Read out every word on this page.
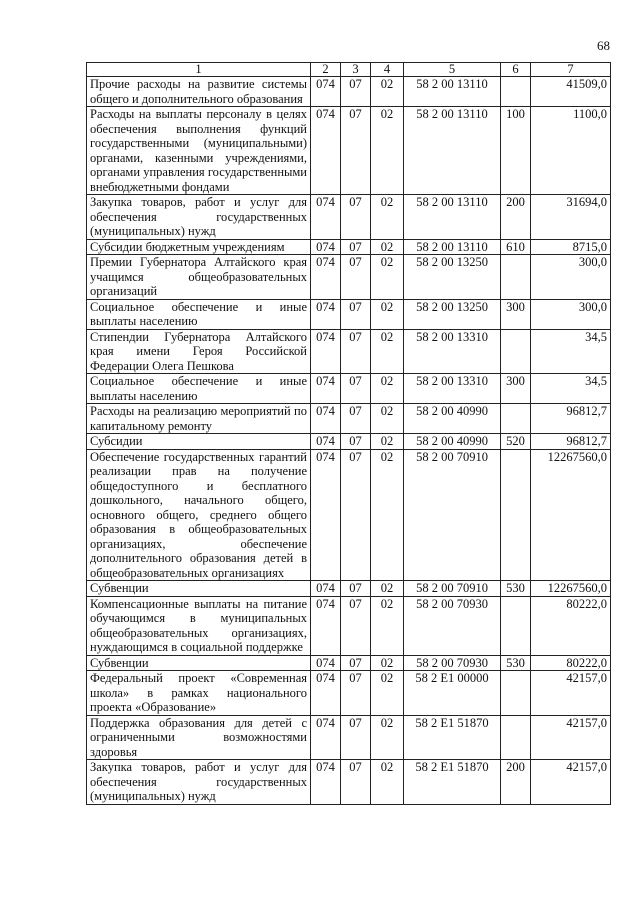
68
1	2	3	4	5	6	7
Прочие расходы на развитие системы общего и дополнительного образования	074	07	02	58 2 00 13110		41509,0
Расходы на выплаты персоналу в целях обеспечения выполнения функций государственными (муниципальными) органами, казенными учреждениями, органами управления государственными внебюджетными фондами	074	07	02	58 2 00 13110	100	1100,0
Закупка товаров, работ и услуг для обеспечения государственных (муниципальных) нужд	074	07	02	58 2 00 13110	200	31694,0
Субсидии бюджетным учреждениям	074	07	02	58 2 00 13110	610	8715,0
Премии Губернатора Алтайского края учащимся общеобразовательных организаций	074	07	02	58 2 00 13250		300,0
Социальное обеспечение и иные выплаты населению	074	07	02	58 2 00 13250	300	300,0
Стипендии Губернатора Алтайского края имени Героя Российской Федерации Олега Пешкова	074	07	02	58 2 00 13310		34,5
Социальное обеспечение и иные выплаты населению	074	07	02	58 2 00 13310	300	34,5
Расходы на реализацию мероприятий по капитальному ремонту	074	07	02	58 2 00 40990		96812,7
Субсидии	074	07	02	58 2 00 40990	520	96812,7
Обеспечение государственных гарантий реализации прав на получение общедоступного и бесплатного дошкольного, начального общего, основного общего, среднего общего образования в общеобразовательных организациях, обеспечение дополнительного образования детей в общеобразовательных организациях	074	07	02	58 2 00 70910		12267560,0
Субвенции	074	07	02	58 2 00 70910	530	12267560,0
Компенсационные выплаты на питание обучающимся в муниципальных общеобразовательных организациях, нуждающимся в социальной поддержке	074	07	02	58 2 00 70930		80222,0
Субвенции	074	07	02	58 2 00 70930	530	80222,0
Федеральный проект «Современная школа» в рамках национального проекта «Образование»	074	07	02	58 2 E1 00000		42157,0
Поддержка образования для детей с ограниченными возможностями здоровья	074	07	02	58 2 E1 51870		42157,0
Закупка товаров, работ и услуг для обеспечения государственных (муниципальных) нужд	074	07	02	58 2 E1 51870	200	42157,0
